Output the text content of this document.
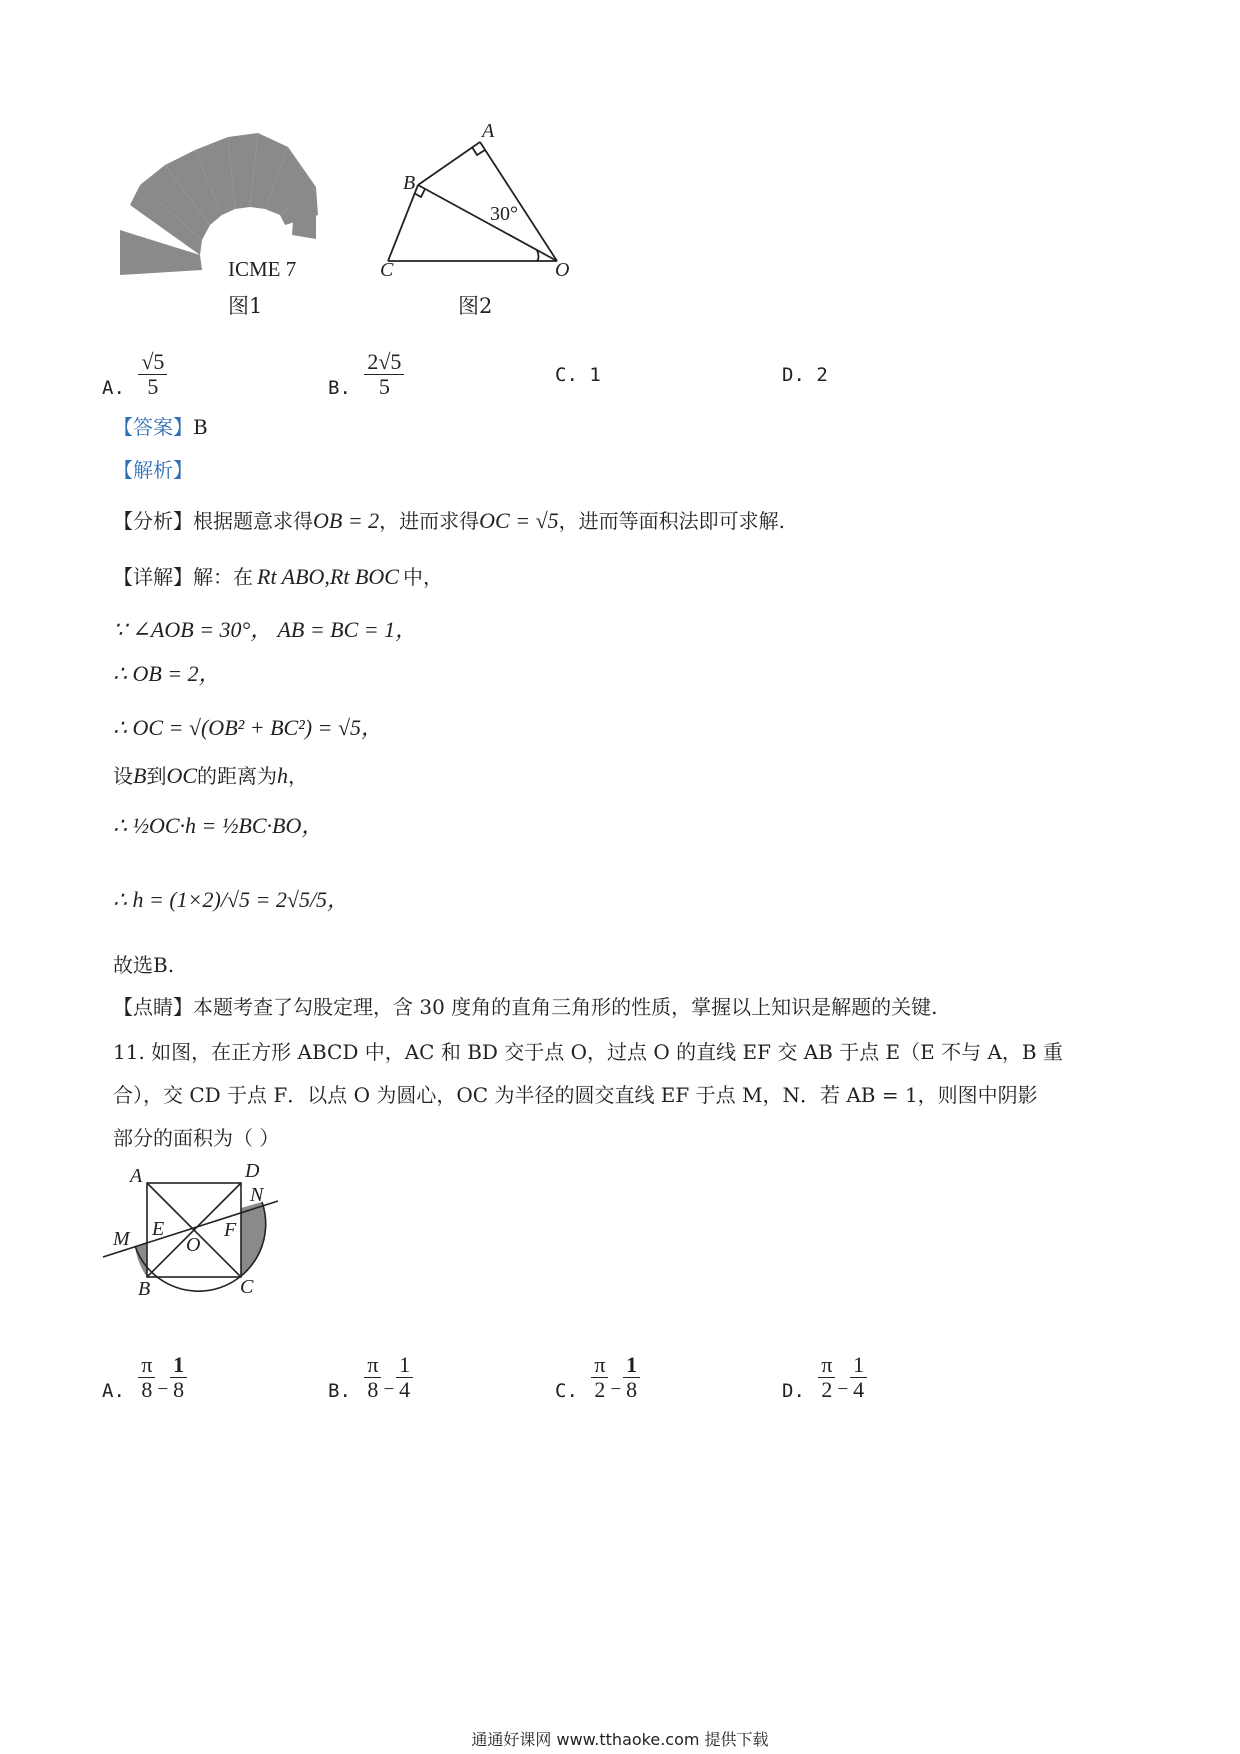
ICME 7
图1
A
B
C	O
30°
图2
A. $\frac{√5}{5}$	B. $\frac{2√5}{5}$	C. 1	D. 2
【答案】B
【解析】
【分析】根据题意求得OB = 2，进而求得OC = √5，进而等面积法即可求解.
【详解】解：在 Rt ABO,Rt BOC 中，
∵ ∠AOB = 30°， AB = BC = 1，
∴ OB = 2，
∴ OC = √(OB² + BC²) = √5，
设B到OC的距离为h，
∴ ½OC·h = ½BC·BO，
∴ h = (1×2)/√5 = 2√5/5，
故选B.
【点睛】本题考查了勾股定理，含 30 度角的直角三角形的性质，掌握以上知识是解题的关键.
11. 如图，在正方形 ABCD 中，AC 和 BD 交于点 O，过点 O 的直线 EF 交 AB 于点 E（E 不与 A，B 重
合），交 CD 于点 F．以点 O 为圆心，OC 为半径的圆交直线 EF 于点 M，N．若 AB = 1，则图中阴影
部分的面积为（ ）
A	D
N
M E	F
O
B	C
A. $\frac{\pi}{8} - \frac{1}{8}$	B. $\frac{\pi}{8} - \frac{1}{4}$	C. $\frac{\pi}{2} - \frac{1}{8}$	D. $\frac{\pi}{2} - \frac{1}{4}$
通通好课网 www.tthaoke.com 提供下载
